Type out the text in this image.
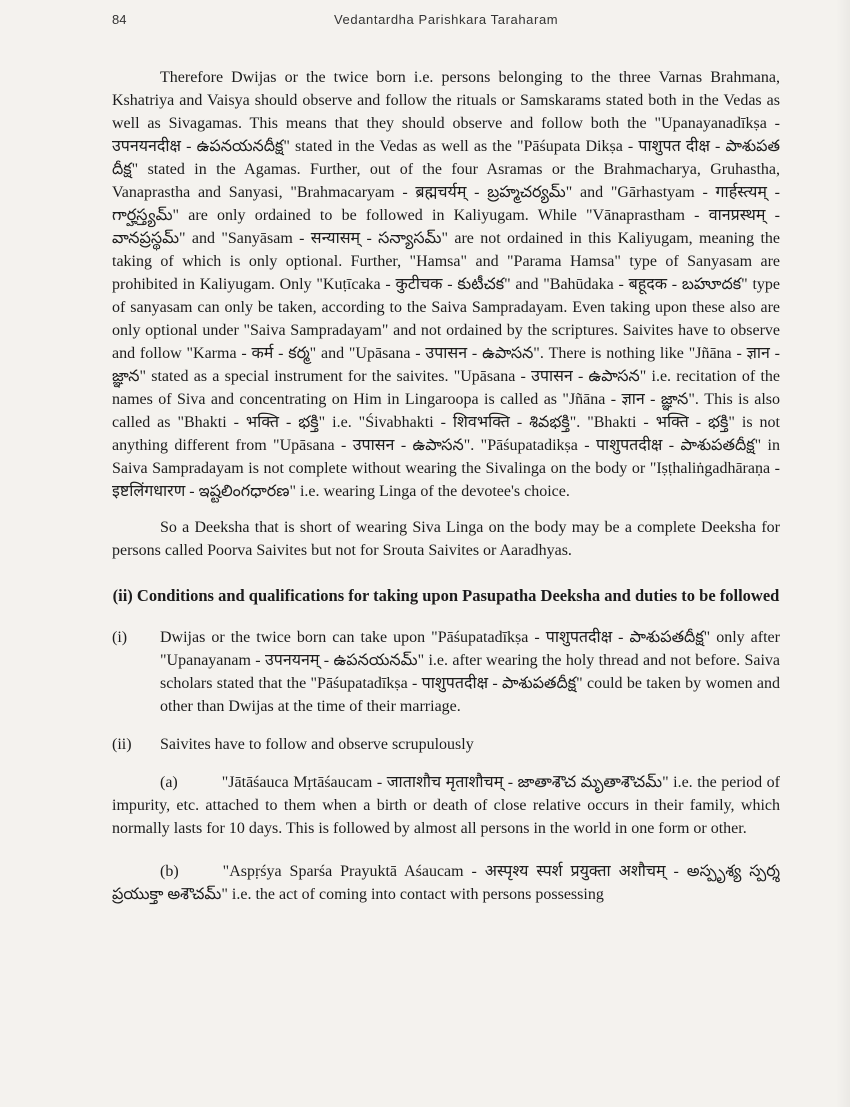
84	Vedantardha Parishkara Taraharam

Therefore Dwijas or the twice born i.e. persons belonging to the three Varnas Brahmana, Kshatriya and Vaisya should observe and follow the rituals or Samskarams stated both in the Vedas as well as Sivagamas. This means that they should observe and follow both the "Upanayanadīkṣa - उपनयनदीक्ष - ఉపనయనదీక్ష" stated in the Vedas as well as the "Pāśupata Dikṣa - पाशुपत दीक्ष - పాశుపత దీక్ష" stated in the Agamas. Further, out of the four Asramas or the Brahmacharya, Gruhastha, Vanaprastha and Sanyasi, "Brahmacaryam - ब्रह्मचर्यम् - బ్రహ్మచర్యమ్" and "Gārhastyam - गार्हस्त्यम् - గార్హస్త్యమ్" are only ordained to be followed in Kaliyugam. While "Vānaprastham - वानप्रस्थम् - వానప్రస్థమ్" and "Sanyāsam - सन्यासम् - సన్యాసమ్" are not ordained in this Kaliyugam, meaning the taking of which is only optional. Further, "Hamsa" and "Parama Hamsa" type of Sanyasam are prohibited in Kaliyugam. Only "Kuṭīcaka - कुटीचक - కుటీచక" and "Bahūdaka - बहूदक - బహూదక" type of sanyasam can only be taken, according to the Saiva Sampradayam. Even taking upon these also are only optional under "Saiva Sampradayam" and not ordained by the scriptures. Saivites have to observe and follow "Karma - कर्म - కర్మ" and "Upāsana - उपासन - ఉపాసన". There is nothing like "Jñāna - ज्ञान - జ్ఞాన" stated as a special instrument for the saivites. "Upāsana - उपासन - ఉపాసన" i.e. recitation of the names of Siva and concentrating on Him in Lingaroopa is called as "Jñāna - ज्ञान - జ్ఞాన". This is also called as "Bhakti - भक्ति - భక్తి" i.e. "Śivabhakti - शिवभक्ति - శివభక్తి". "Bhakti - भक्ति - భక్తి" is not anything different from "Upāsana - उपासन - ఉపాసన". "Pāśupatadikṣa - पाशुपतदीक्ष - పాశుపతదీక్ష" in Saiva Sampradayam is not complete without wearing the Sivalinga on the body or "Iṣṭhaliṅgadhāraṇa - इष्टलिंगधारण - ఇష్టలింగధారణ" i.e. wearing Linga of the devotee's choice.

So a Deeksha that is short of wearing Siva Linga on the body may be a complete Deeksha for persons called Poorva Saivites but not for Srouta Saivites or Aaradhyas.

(ii) Conditions and qualifications for taking upon Pasupatha Deeksha and duties to be followed

(i) Dwijas or the twice born can take upon "Pāśupatadīkṣa - पाशुपतदीक्ष - పాశుపతదీక్ష" only after "Upanayanam - उपनयनम् - ఉపనయనమ్" i.e. after wearing the holy thread and not before. Saiva scholars stated that the "Pāśupatadīkṣa - पाशुपतदीक्ष - పాశుపతదీక్ష" could be taken by women and other than Dwijas at the time of their marriage.

(ii) Saivites have to follow and observe scrupulously

(a)	"Jātāśauca Mṛtāśaucam - जाताशौच मृताशौचम् - జాతాశౌచ మృతాశౌచమ్" i.e. the period of impurity, etc. attached to them when a birth or death of close relative occurs in their family, which normally lasts for 10 days. This is followed by almost all persons in the world in one form or other.

(b)	"Aspṛśya Sparśa Prayuktā Aśaucam - अस्पृश्य स्पर्श प्रयुक्ता अशौचम् - అస్పృశ్య స్పర్శ ప్రయుక్తా అశౌచమ్" i.e. the act of coming into contact with persons possessing
